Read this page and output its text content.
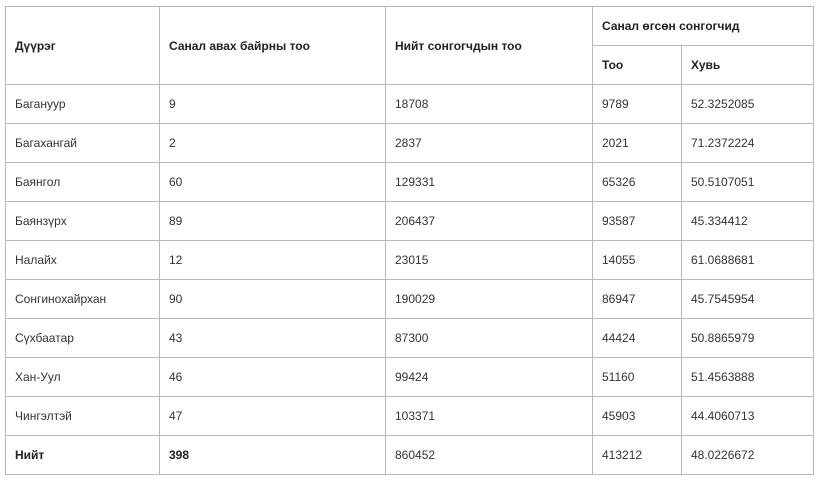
Дүүрэг	Санал авах байрны тоо	Нийт сонгогчдын тоо	Санал өгсөн сонгогчид	
			Тоо	Хувь
Багануур	9	18708	9789	52.3252085
Багахангай	2	2837	2021	71.2372224
Баянгол	60	129331	65326	50.5107051
Баянзүрх	89	206437	93587	45.334412
Налайх	12	23015	14055	61.0688681
Сонгинохайрхан	90	190029	86947	45.7545954
Сүхбаатар	43	87300	44424	50.8865979
Хан-Уул	46	99424	51160	51.4563888
Чингэлтэй	47	103371	45903	44.4060713
Нийт	398	860452	413212	48.0226672
